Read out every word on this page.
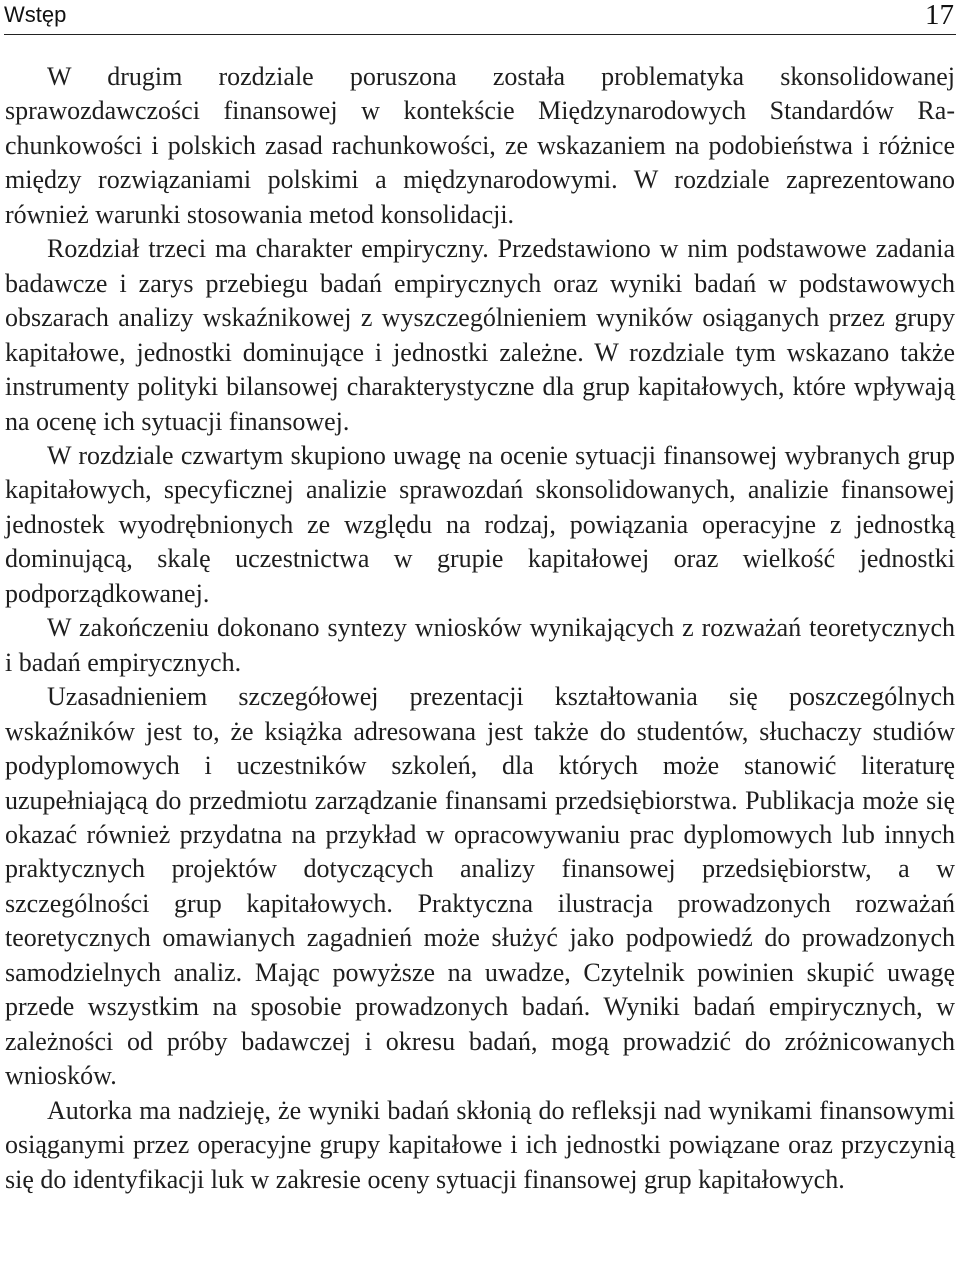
Wstęp	17

W drugim rozdziale poruszona została problematyka skonsolidowanej sprawozdawczości finansowej w kontekście Międzynarodowych Standardów Rachunkowości i polskich zasad rachunkowości, ze wskazaniem na podobieństwa i różnice między rozwiązaniami polskimi a międzynarodowymi. W rozdziale zaprezentowano również warunki stosowania metod konsolidacji.

Rozdział trzeci ma charakter empiryczny. Przedstawiono w nim podstawowe zadania badawcze i zarys przebiegu badań empirycznych oraz wyniki badań w podstawowych obszarach analizy wskaźnikowej z wyszczególnieniem wyników osiąganych przez grupy kapitałowe, jednostki dominujące i jednostki zależne. W rozdziale tym wskazano także instrumenty polityki bilansowej charakterystyczne dla grup kapitałowych, które wpływają na ocenę ich sytuacji finansowej.

W rozdziale czwartym skupiono uwagę na ocenie sytuacji finansowej wybranych grup kapitałowych, specyficznej analizie sprawozdań skonsolidowanych, analizie finansowej jednostek wyodrębnionych ze względu na rodzaj, powiązania operacyjne z jednostką dominującą, skalę uczestnictwa w grupie kapitałowej oraz wielkość jednostki podporządkowanej.

W zakończeniu dokonano syntezy wniosków wynikających z rozważań teoretycznych i badań empirycznych.

Uzasadnieniem szczegółowej prezentacji kształtowania się poszczególnych wskaźników jest to, że książka adresowana jest także do studentów, słuchaczy studiów podyplomowych i uczestników szkoleń, dla których może stanowić literaturę uzupełniającą do przedmiotu zarządzanie finansami przedsiębiorstwa. Publikacja może się okazać również przydatna na przykład w opracowywaniu prac dyplomowych lub innych praktycznych projektów dotyczących analizy finansowej przedsiębiorstw, a w szczególności grup kapitałowych. Praktyczna ilustracja prowadzonych rozważań teoretycznych omawianych zagadnień może służyć jako podpowiedź do prowadzonych samodzielnych analiz. Mając powyższe na uwadze, Czytelnik powinien skupić uwagę przede wszystkim na sposobie prowadzonych badań. Wyniki badań empirycznych, w zależności od próby badawczej i okresu badań, mogą prowadzić do zróżnicowanych wniosków.

Autorka ma nadzieję, że wyniki badań skłonią do refleksji nad wynikami finansowymi osiąganymi przez operacyjne grupy kapitałowe i ich jednostki powiązane oraz przyczynią się do identyfikacji luk w zakresie oceny sytuacji finansowej grup kapitałowych.
